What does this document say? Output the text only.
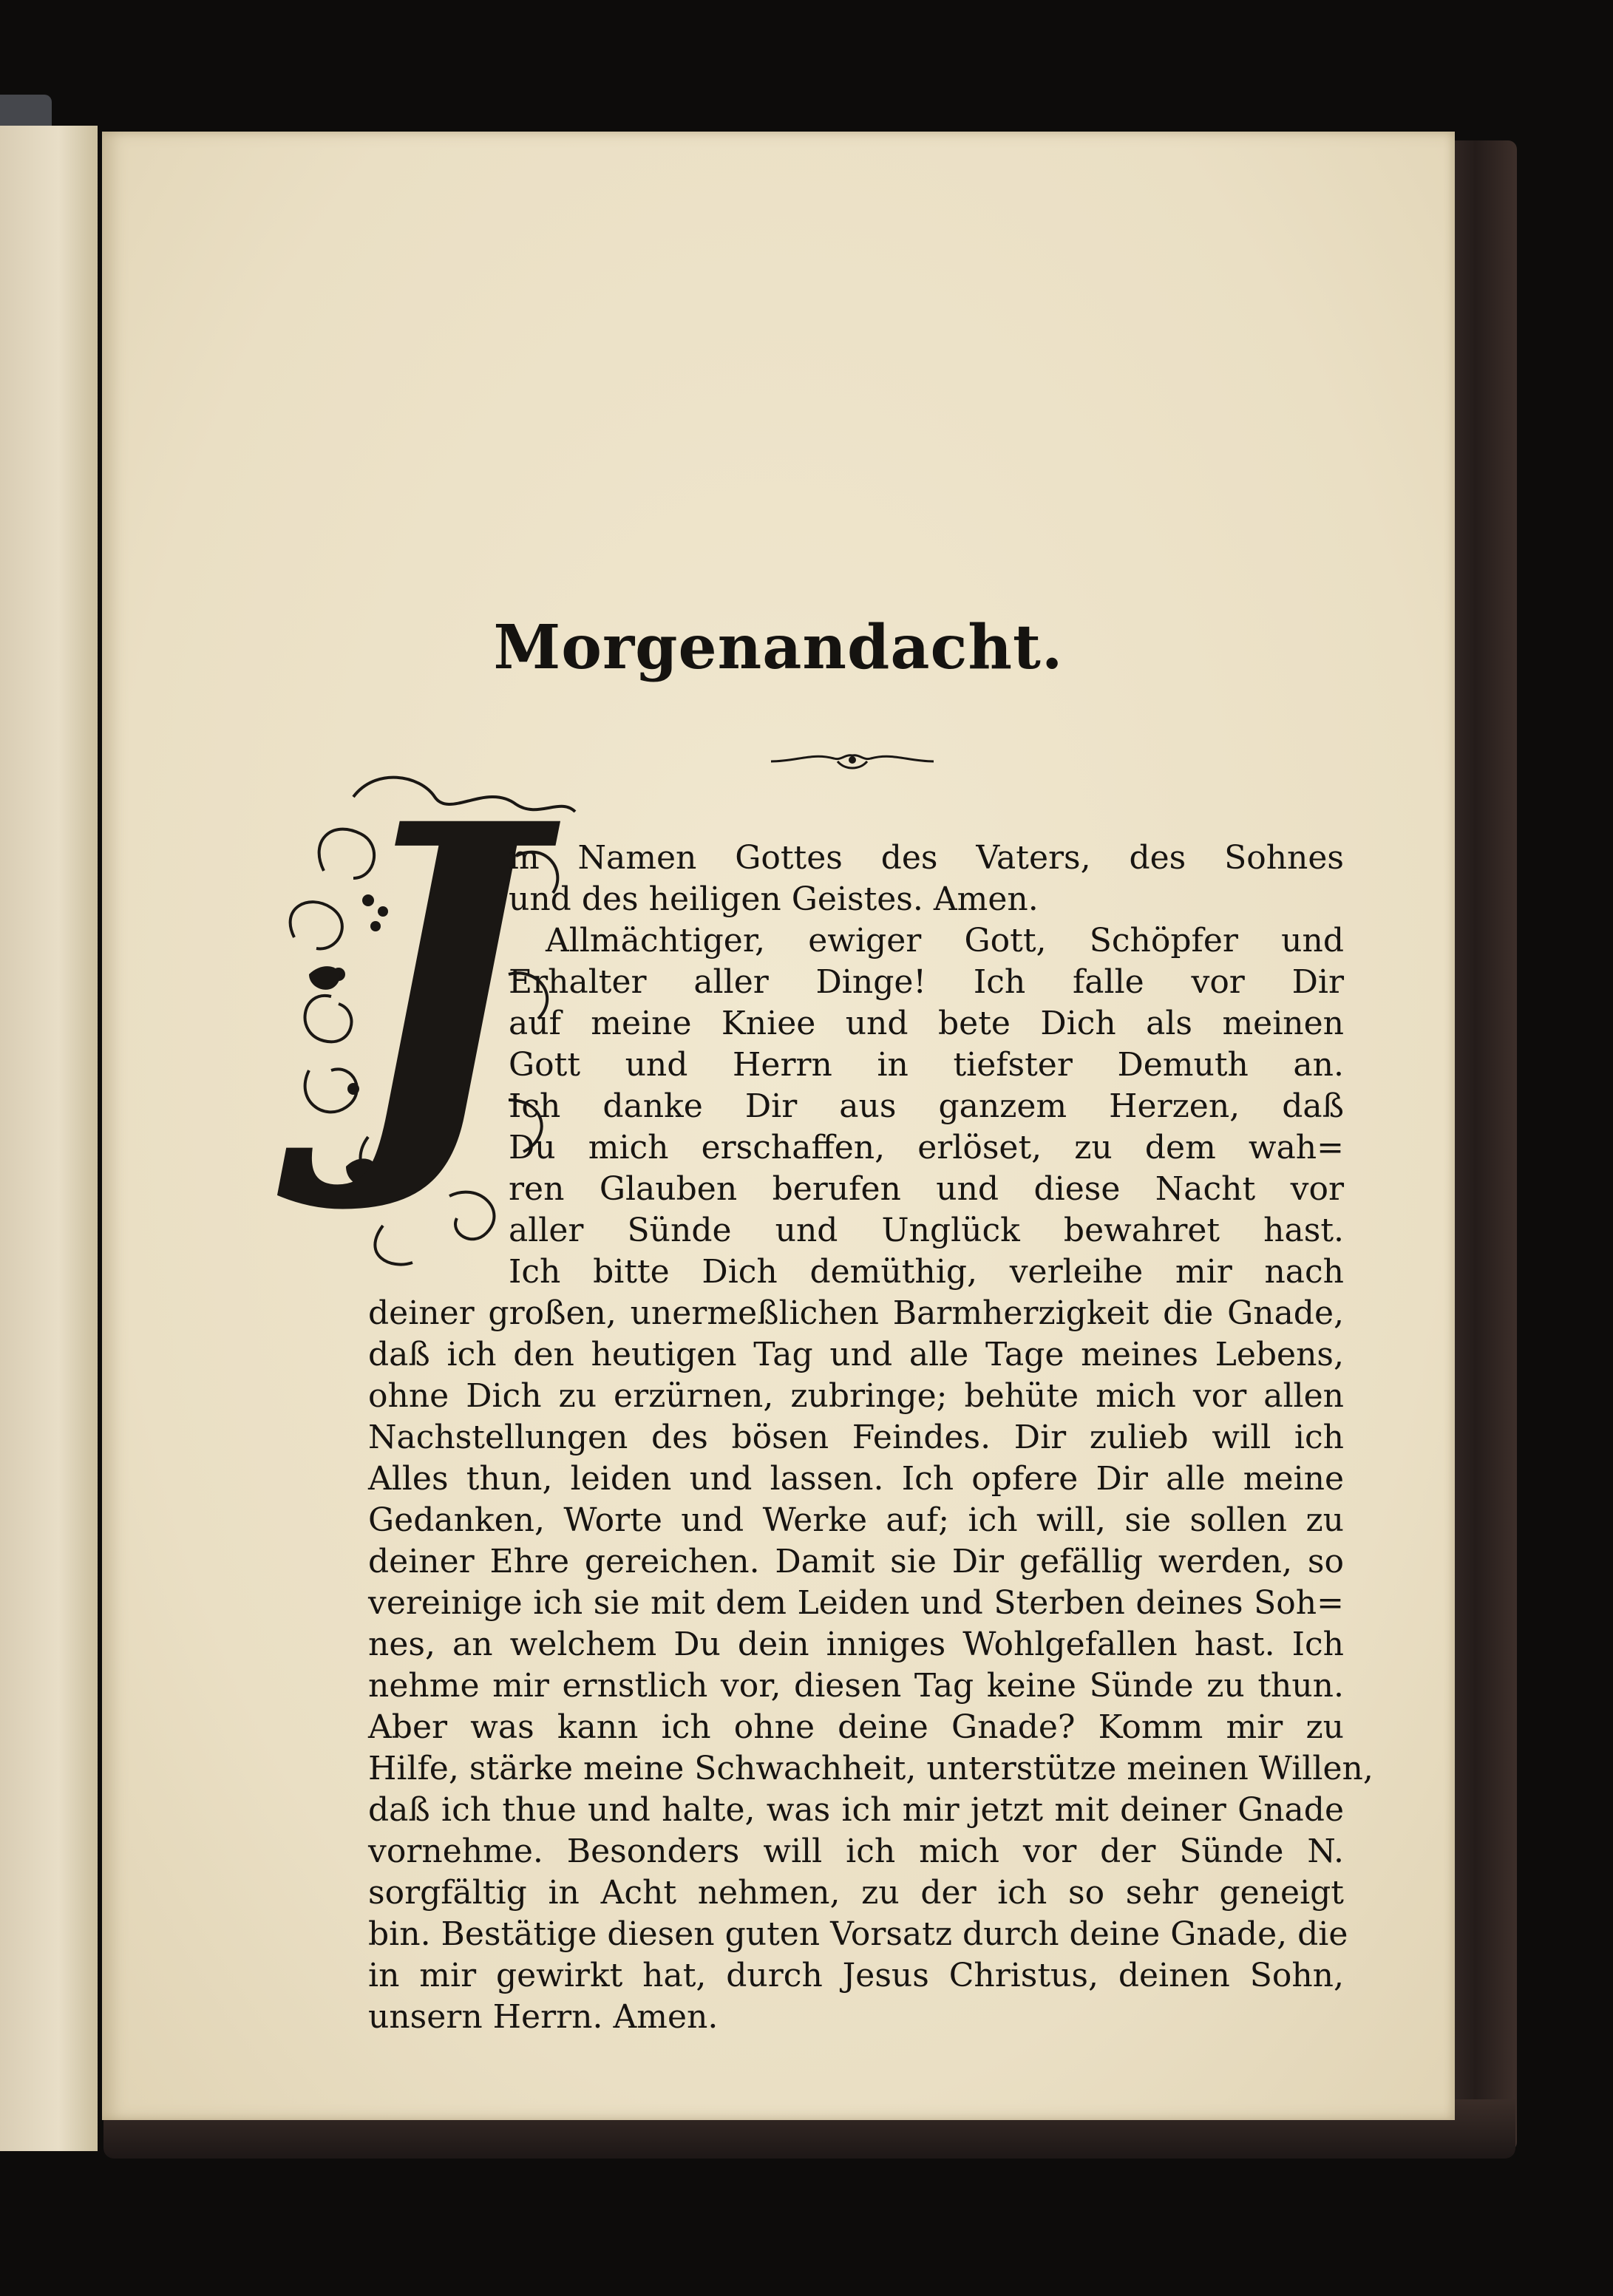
Morgenandacht.
J
m Namen Gottes des Vaters, des Sohnes
und des heiligen Geistes. Amen.
Allmächtiger, ewiger Gott, Schöpfer und
Erhalter aller Dinge! Ich falle vor Dir
auf meine Kniee und bete Dich als meinen
Gott und Herrn in tiefster Demuth an.
Ich danke Dir aus ganzem Herzen, daß
Du mich erschaffen, erlöset, zu dem wah=
ren Glauben berufen und diese Nacht vor
aller Sünde und Unglück bewahret hast.
Ich bitte Dich demüthig, verleihe mir nach
deiner großen, unermeßlichen Barmherzigkeit die Gnade,
daß ich den heutigen Tag und alle Tage meines Lebens,
ohne Dich zu erzürnen, zubringe; behüte mich vor allen
Nachstellungen des bösen Feindes. Dir zulieb will ich
Alles thun, leiden und lassen. Ich opfere Dir alle meine
Gedanken, Worte und Werke auf; ich will, sie sollen zu
deiner Ehre gereichen. Damit sie Dir gefällig werden, so
vereinige ich sie mit dem Leiden und Sterben deines Soh=
nes, an welchem Du dein inniges Wohlgefallen hast. Ich
nehme mir ernstlich vor, diesen Tag keine Sünde zu thun.
Aber was kann ich ohne deine Gnade? Komm mir zu
Hilfe, stärke meine Schwachheit, unterstütze meinen Willen,
daß ich thue und halte, was ich mir jetzt mit deiner Gnade
vornehme. Besonders will ich mich vor der Sünde N.
sorgfältig in Acht nehmen, zu der ich so sehr geneigt
bin. Bestätige diesen guten Vorsatz durch deine Gnade, die
in mir gewirkt hat, durch Jesus Christus, deinen Sohn,
unsern Herrn. Amen.
